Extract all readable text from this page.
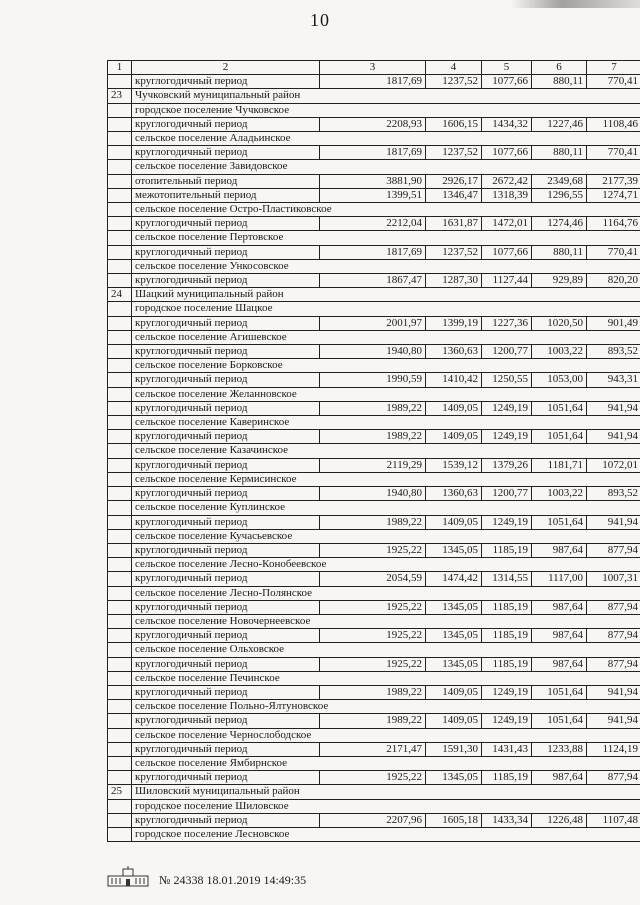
10
1	2	3	4	5	6	7
	круглогодичный период	1817,69	1237,52	1077,66	880,11	770,41
23	Чучковский муниципальный район					
	городское поселение Чучковское					
	круглогодичный период	2208,93	1606,15	1434,32	1227,46	1108,46
	сельское поселение Аладьинское					
	круглогодичный период	1817,69	1237,52	1077,66	880,11	770,41
	сельское поселение Завидовское					
	отопительный период	3881,90	2926,17	2672,42	2349,68	2177,39
	межотопительный период	1399,51	1346,47	1318,39	1296,55	1274,71
	сельское поселение Остро-Пластиковское					
	круглогодичный период	2212,04	1631,87	1472,01	1274,46	1164,76
	сельское поселение Пертовское					
	круглогодичный период	1817,69	1237,52	1077,66	880,11	770,41
	сельское поселение Ункосовское					
	круглогодичный период	1867,47	1287,30	1127,44	929,89	820,20
24	Шацкий муниципальный район					
	городское поселение Шацкое					
	круглогодичный период	2001,97	1399,19	1227,36	1020,50	901,49
	сельское поселение Агишевское					
	круглогодичный период	1940,80	1360,63	1200,77	1003,22	893,52
	сельское поселение Борковское					
	круглогодичный период	1990,59	1410,42	1250,55	1053,00	943,31
	сельское поселение Желанновское					
	круглогодичный период	1989,22	1409,05	1249,19	1051,64	941,94
	сельское поселение Каверинское					
	круглогодичный период	1989,22	1409,05	1249,19	1051,64	941,94
	сельское поселение Казачинское					
	круглогодичный период	2119,29	1539,12	1379,26	1181,71	1072,01
	сельское поселение Кермисинское					
	круглогодичный период	1940,80	1360,63	1200,77	1003,22	893,52
	сельское поселение Куплинское					
	круглогодичный период	1989,22	1409,05	1249,19	1051,64	941,94
	сельское поселение Кучасьевское					
	круглогодичный период	1925,22	1345,05	1185,19	987,64	877,94
	сельское поселение Лесно-Конобеевское					
	круглогодичный период	2054,59	1474,42	1314,55	1117,00	1007,31
	сельское поселение Лесно-Полянское					
	круглогодичный период	1925,22	1345,05	1185,19	987,64	877,94
	сельское поселение Новочернеевское					
	круглогодичный период	1925,22	1345,05	1185,19	987,64	877,94
	сельское поселение Ольховское					
	круглогодичный период	1925,22	1345,05	1185,19	987,64	877,94
	сельское поселение Печинское					
	круглогодичный период	1989,22	1409,05	1249,19	1051,64	941,94
	сельское поселение Польно-Ялтуновское					
	круглогодичный период	1989,22	1409,05	1249,19	1051,64	941,94
	сельское поселение Чернослободское					
	круглогодичный период	2171,47	1591,30	1431,43	1233,88	1124,19
	сельское поселение Ямбирнское					
	круглогодичный период	1925,22	1345,05	1185,19	987,64	877,94
25	Шиловский муниципальный район					
	городское поселение Шиловское					
	круглогодичный период	2207,96	1605,18	1433,34	1226,48	1107,48
	городское поселение Лесновское					
№ 24338 18.01.2019 14:49:35
